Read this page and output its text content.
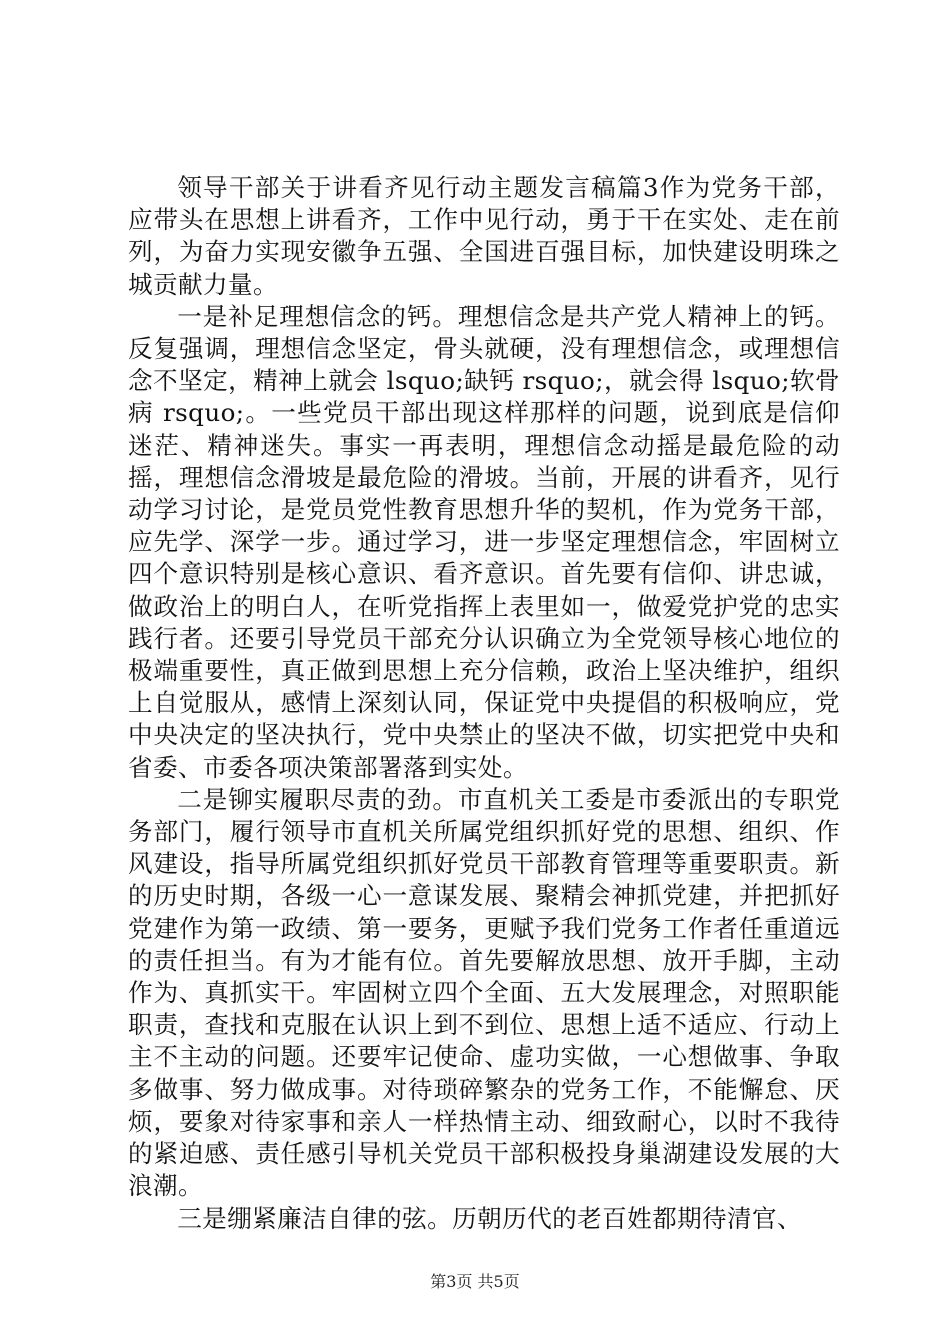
领导干部关于讲看齐见行动主题发言稿篇3作为党务干部，应带头在思想上讲看齐，工作中见行动，勇于干在实处、走在前列，为奋力实现安徽争五强、全国进百强目标，加快建设明珠之城贡献力量。

一是补足理想信念的钙。理想信念是共产党人精神上的钙。反复强调，理想信念坚定，骨头就硬，没有理想信念，或理想信念不坚定，精神上就会 lsquo;缺钙 rsquo;，就会得 lsquo;软骨病 rsquo;。一些党员干部出现这样那样的问题，说到底是信仰迷茫、精神迷失。事实一再表明，理想信念动摇是最危险的动摇，理想信念滑坡是最危险的滑坡。当前，开展的讲看齐，见行动学习讨论，是党员党性教育思想升华的契机，作为党务干部，应先学、深学一步。通过学习，进一步坚定理想信念，牢固树立四个意识特别是核心意识、看齐意识。首先要有信仰、讲忠诚，做政治上的明白人，在听党指挥上表里如一，做爱党护党的忠实践行者。还要引导党员干部充分认识确立为全党领导核心地位的极端重要性，真正做到思想上充分信赖，政治上坚决维护，组织上自觉服从，感情上深刻认同，保证党中央提倡的积极响应，党中央决定的坚决执行，党中央禁止的坚决不做，切实把党中央和省委、市委各项决策部署落到实处。

二是铆实履职尽责的劲。市直机关工委是市委派出的专职党务部门，履行领导市直机关所属党组织抓好党的思想、组织、作风建设，指导所属党组织抓好党员干部教育管理等重要职责。新的历史时期，各级一心一意谋发展、聚精会神抓党建，并把抓好党建作为第一政绩、第一要务，更赋予我们党务工作者任重道远的责任担当。有为才能有位。首先要解放思想、放开手脚，主动作为、真抓实干。牢固树立四个全面、五大发展理念，对照职能职责，查找和克服在认识上到不到位、思想上适不适应、行动上主不主动的问题。还要牢记使命、虚功实做，一心想做事、争取多做事、努力做成事。对待琐碎繁杂的党务工作，不能懈怠、厌烦，要象对待家事和亲人一样热情主动、细致耐心，以时不我待的紧迫感、责任感引导机关党员干部积极投身巢湖建设发展的大浪潮。

三是绷紧廉洁自律的弦。历朝历代的老百姓都期待清官、

第3页 共5页
